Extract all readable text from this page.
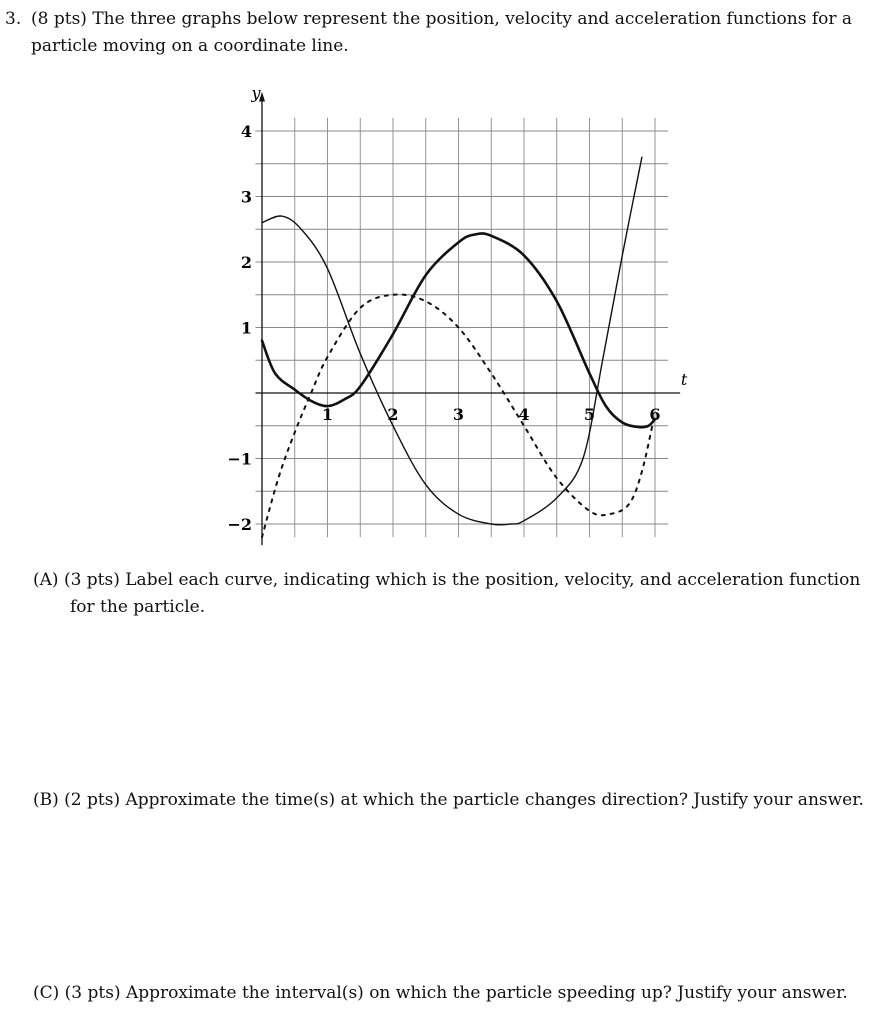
3. (8 pts) The three graphs below represent the position, velocity and acceleration functions for a
particle moving on a coordinate line.
t
y
1	2	3	4	5	6
−2
−1
1
2
3
4
(A) (3 pts) Label each curve, indicating which is the position, velocity, and acceleration function
for the particle.
(B) (2 pts) Approximate the time(s) at which the particle changes direction? Justify your answer.
(C) (3 pts) Approximate the interval(s) on which the particle speeding up? Justify your answer.
